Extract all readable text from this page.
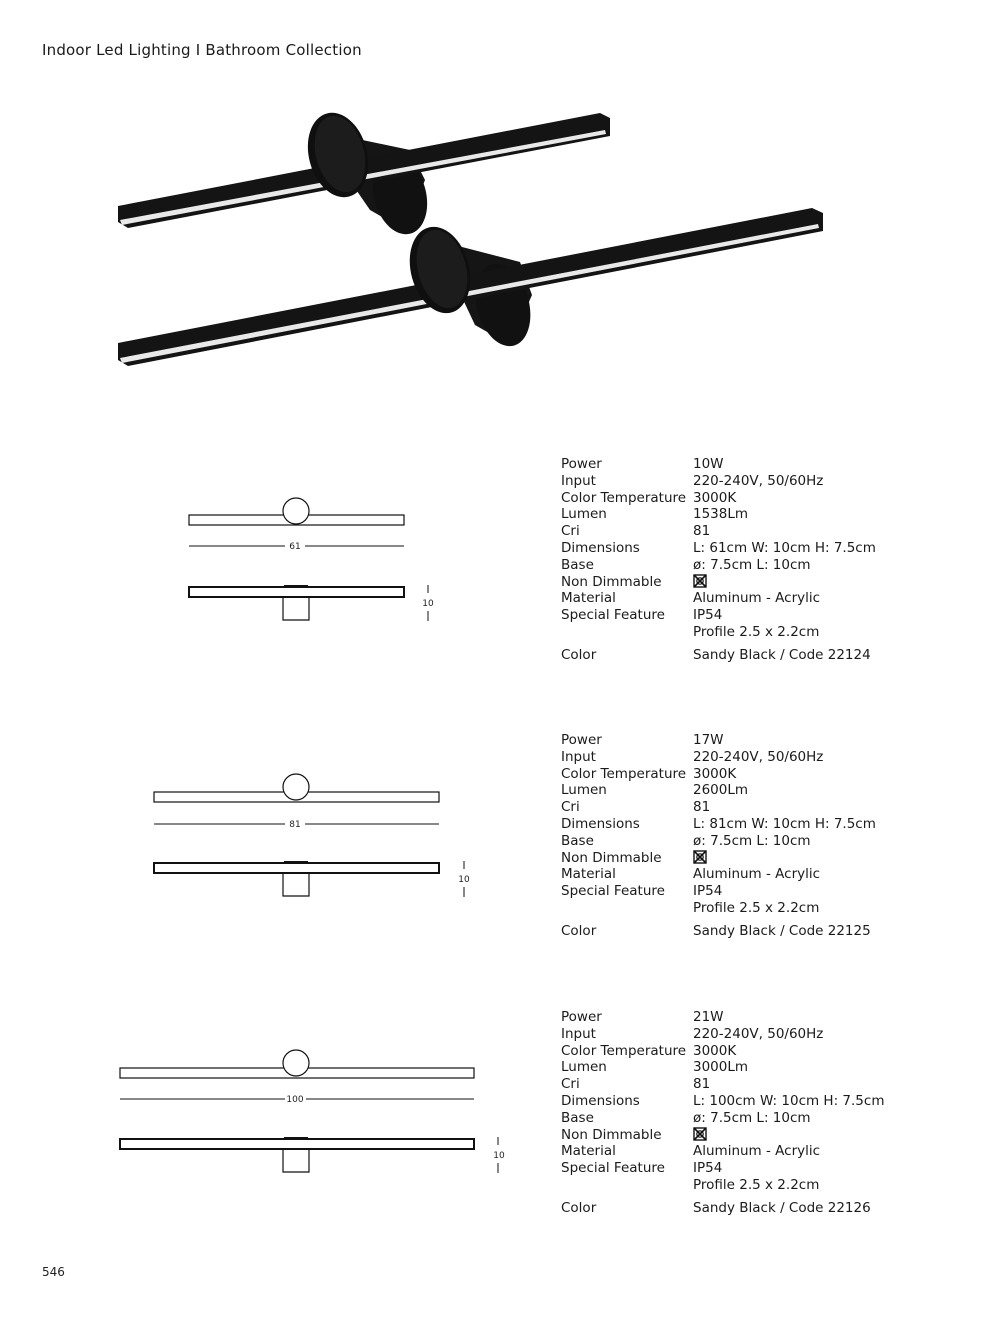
Indoor Led Lighting I Bathroom Collection
61
10
Power	10W
Input	220-240V, 50/60Hz
Color Temperature 3000K
Lumen	1538Lm
Cri	81
Dimensions	L: 61cm W: 10cm H: 7.5cm
Base	ø: 7.5cm L: 10cm
Non Dimmable
Material	Aluminum - Acrylic
Special Feature	IP54
Profile 2.5 x 2.2cm
Color	Sandy Black / Code 22124
81
10
Power	17W
Input	220-240V, 50/60Hz
Color Temperature 3000K
Lumen	2600Lm
Cri	81
Dimensions	L: 81cm W: 10cm H: 7.5cm
Base	ø: 7.5cm L: 10cm
Non Dimmable
Material	Aluminum - Acrylic
Special Feature	IP54
Profile 2.5 x 2.2cm
Color	Sandy Black / Code 22125
100
10
Power	21W
Input	220-240V, 50/60Hz
Color Temperature 3000K
Lumen	3000Lm
Cri	81
Dimensions	L: 100cm W: 10cm H: 7.5cm
Base	ø: 7.5cm L: 10cm
Non Dimmable
Material	Aluminum - Acrylic
Special Feature	IP54
Profile 2.5 x 2.2cm
Color	Sandy Black / Code 22126
546
